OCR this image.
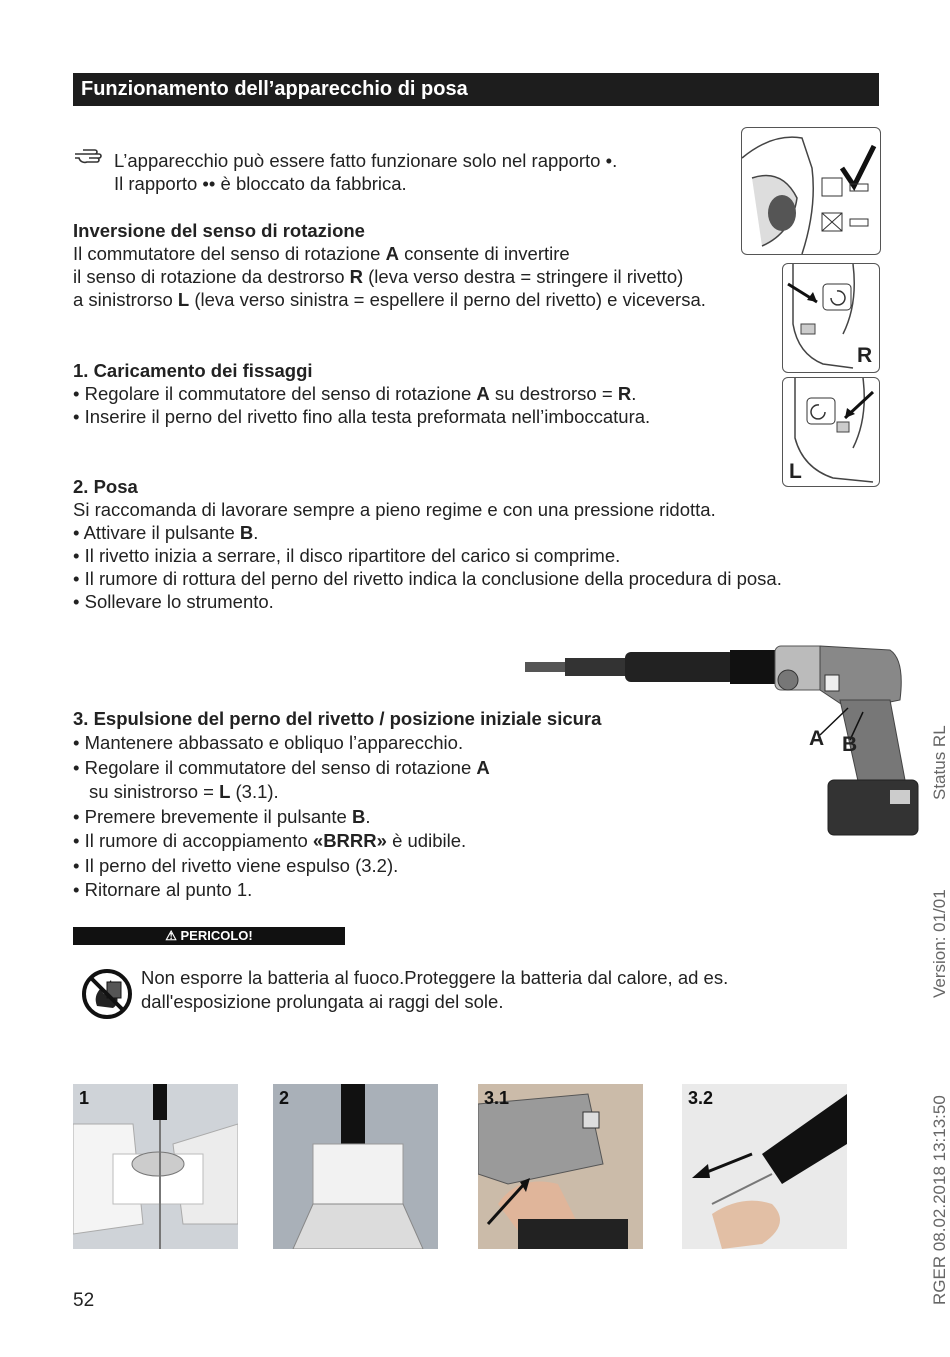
Funzionamento dell’apparecchio di posa
L’apparecchio può essere fatto funzionare solo nel rapporto •.
Il rapporto •• è bloccato da fabbrica.
Inversione del senso di rotazione
Il commutatore del senso di rotazione A consente di invertire
il senso di rotazione da destrorso R (leva verso destra = stringere il rivetto)
a sinistrorso L (leva verso sinistra = espellere il perno del rivetto) e viceversa.
R
1. Caricamento dei fissaggi
• Regolare il commutatore del senso di rotazione A su destrorso = R.
• Inserire il perno del rivetto fino alla testa preformata nell’imboccatura.
L
2. Posa
Si raccomanda di lavorare sempre a pieno regime e con una pressione ridotta.
• Attivare il pulsante B.
• Il rivetto inizia a serrare, il disco ripartitore del carico si comprime.
• Il rumore di rottura del perno del rivetto indica la conclusione della procedura di posa.
• Sollevare lo strumento.
A B
3. Espulsione del perno del rivetto / posizione iniziale sicura
• Mantenere abbassato e obliquo l’apparecchio.
• Regolare il commutatore del senso di rotazione A
su sinistrorso = L (3.1).
• Premere brevemente il pulsante B.
• Il rumore di accoppiamento «BRRR» è udibile.
• Il perno del rivetto viene espulso (3.2).
• Ritornare al punto 1.
⚠ PERICOLO!
Non esporre la batteria al fuoco.Proteggere la batteria dal calore, ad es.
dall'esposizione prolungata ai raggi del sole.
1	2	3.1	3.2
Status RL
Version: 01/01
RGER 08.02.2018 13:13:50
52
